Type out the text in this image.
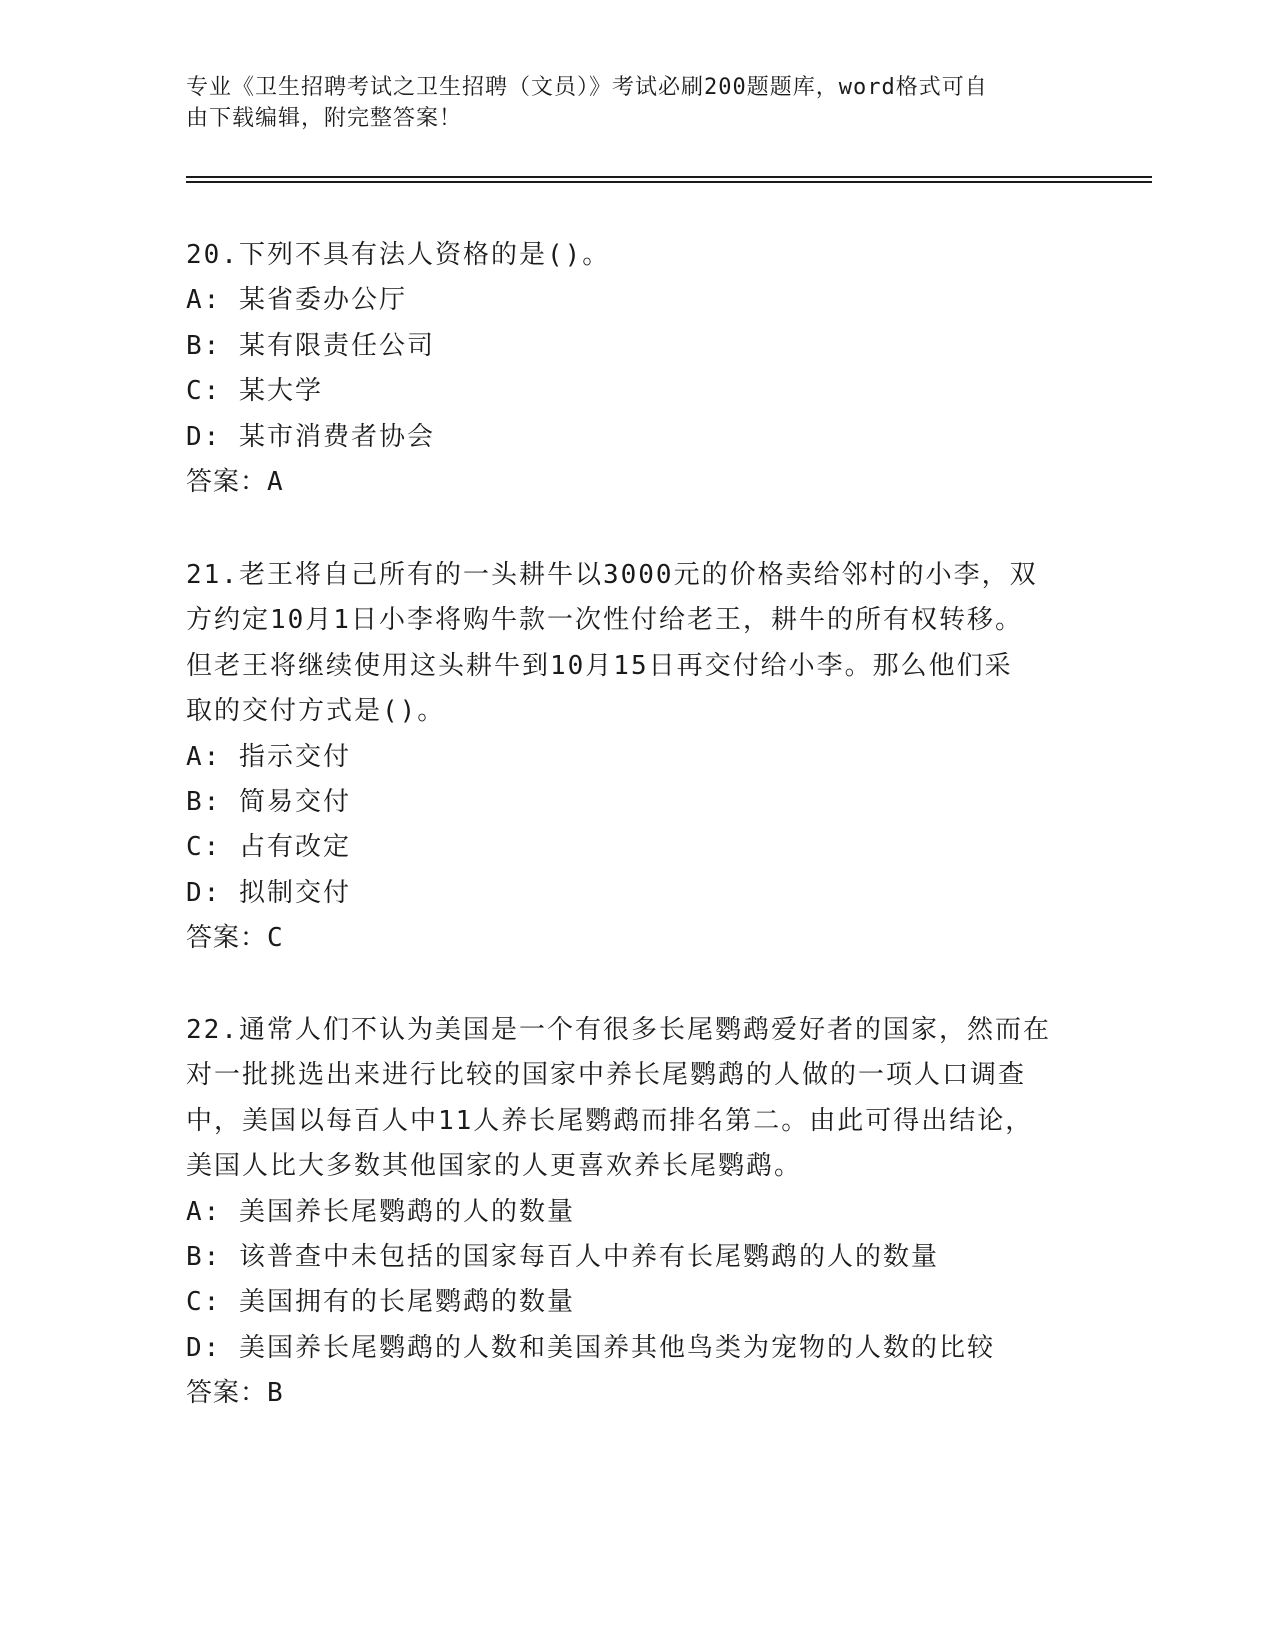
专业《卫生招聘考试之卫生招聘（文员）》考试必刷200题题库，word格式可自
由下载编辑，附完整答案！
20.下列不具有法人资格的是()。
A: 某省委办公厅
B: 某有限责任公司
C: 某大学
D: 某市消费者协会
答案：A
21.老王将自己所有的一头耕牛以3000元的价格卖给邻村的小李，双
方约定10月1日小李将购牛款一次性付给老王，耕牛的所有权转移。
但老王将继续使用这头耕牛到10月15日再交付给小李。那么他们采
取的交付方式是()。
A: 指示交付
B: 简易交付
C: 占有改定
D: 拟制交付
答案：C
22.通常人们不认为美国是一个有很多长尾鹦鹉爱好者的国家，然而在
对一批挑选出来进行比较的国家中养长尾鹦鹉的人做的一项人口调查
中，美国以每百人中11人养长尾鹦鹉而排名第二。由此可得出结论，
美国人比大多数其他国家的人更喜欢养长尾鹦鹉。
A: 美国养长尾鹦鹉的人的数量
B: 该普查中未包括的国家每百人中养有长尾鹦鹉的人的数量
C: 美国拥有的长尾鹦鹉的数量
D: 美国养长尾鹦鹉的人数和美国养其他鸟类为宠物的人数的比较
答案：B
